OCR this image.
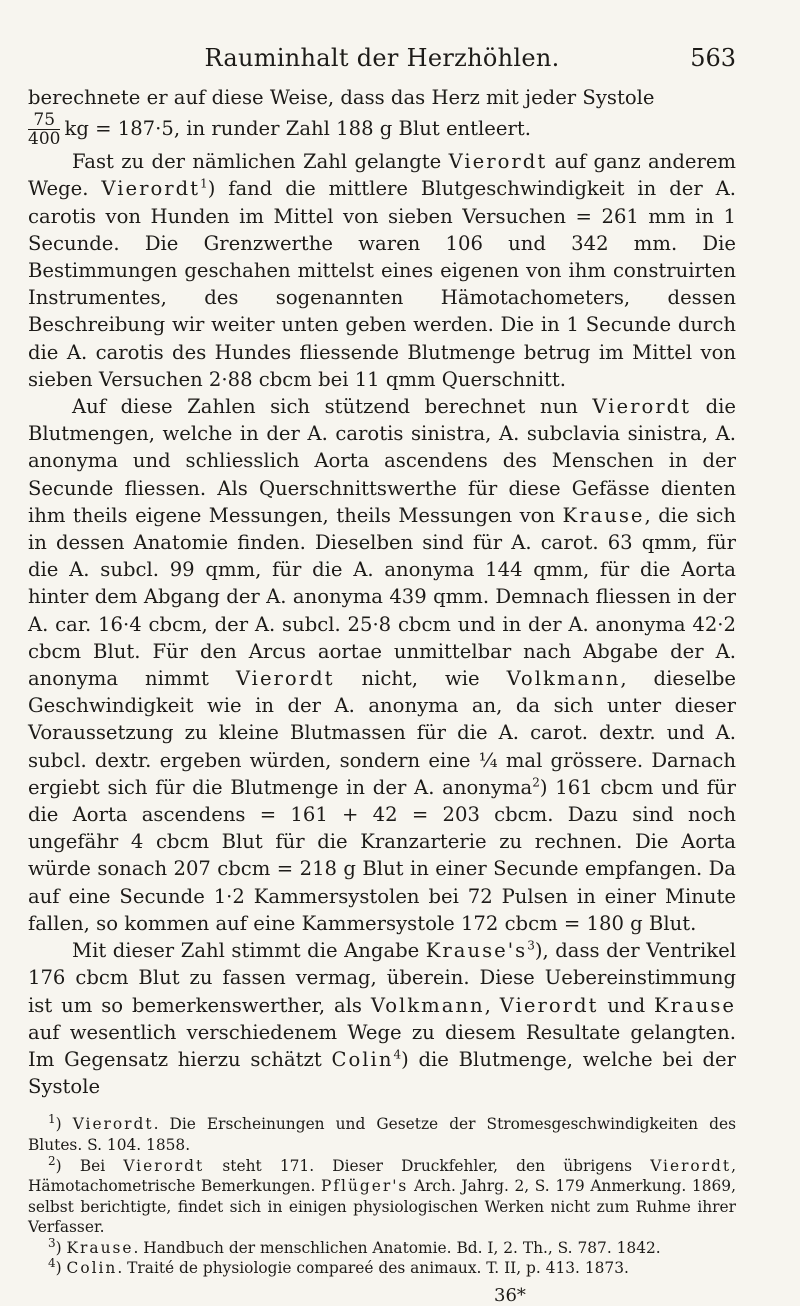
Rauminhalt der Herzhöhlen.	563

berechnete er auf diese Weise, dass das Herz mit jeder Systole

$\frac{75}{400}$ kg = 187·5, in runder Zahl 188 g Blut entleert.

Fast zu der nämlichen Zahl gelangte Vierordt auf ganz anderem Wege. Vierordt$^1$) fand die mittlere Blutgeschwindigkeit in der A. carotis von Hunden im Mittel von sieben Versuchen = 261 mm in 1 Secunde. Die Grenzwerthe waren 106 und 342 mm. Die Bestimmungen geschahen mittelst eines eigenen von ihm construirten Instrumentes, des sogenannten Hämotachometers, dessen Beschreibung wir weiter unten geben werden. Die in 1 Secunde durch die A. carotis des Hundes fliessende Blutmenge betrug im Mittel von sieben Versuchen 2·88 cbcm bei 11 qmm Querschnitt.

Auf diese Zahlen sich stützend berechnet nun Vierordt die Blutmengen, welche in der A. carotis sinistra, A. subclavia sinistra, A. anonyma und schliesslich Aorta ascendens des Menschen in der Secunde fliessen. Als Querschnittswerthe für diese Gefässe dienten ihm theils eigene Messungen, theils Messungen von Krause, die sich in dessen Anatomie finden. Dieselben sind für A. carot. 63 qmm, für die A. subcl. 99 qmm, für die A. anonyma 144 qmm, für die Aorta hinter dem Abgang der A. anonyma 439 qmm. Demnach fliessen in der A. car. 16·4 cbcm, der A. subcl. 25·8 cbcm und in der A. anonyma 42·2 cbcm Blut. Für den Arcus aortae unmittelbar nach Abgabe der A. anonyma nimmt Vierordt nicht, wie Volkmann, dieselbe Geschwindigkeit wie in der A. anonyma an, da sich unter dieser Voraussetzung zu kleine Blutmassen für die A. carot. dextr. und A. subcl. dextr. ergeben würden, sondern eine ¼ mal grössere. Darnach ergiebt sich für die Blutmenge in der A. anonyma$^2$) 161 cbcm und für die Aorta ascendens = 161 + 42 = 203 cbcm. Dazu sind noch ungefähr 4 cbcm Blut für die Kranzarterie zu rechnen. Die Aorta würde sonach 207 cbcm = 218 g Blut in einer Secunde empfangen. Da auf eine Secunde 1·2 Kammersystolen bei 72 Pulsen in einer Minute fallen, so kommen auf eine Kammersystole 172 cbcm = 180 g Blut.

Mit dieser Zahl stimmt die Angabe $Krause's^3$), dass der Ventrikel 176 cbcm Blut zu fassen vermag, überein. Diese Uebereinstimmung ist um so bemerkenswerther, als Volkmann, Vierordt und Krause auf wesentlich verschiedenem Wege zu diesem Resultate gelangten. Im Gegensatz hierzu schätzt Colin$^4$) die Blutmenge, welche bei der Systole

$^1$) Vierordt. Die Erscheinungen und Gesetze der Stromesgeschwindigkeiten des Blutes. S. 104. 1858.

$^2$) Bei Vierordt steht 171. Dieser Druckfehler, den übrigens Vierordt, Hämotachometrische Bemerkungen. Pflüger's Arch. Jahrg. 2, S. 179 Anmerkung. 1869, selbst berichtigte, findet sich in einigen physiologischen Werken nicht zum Ruhme ihrer Verfasser.

$^3$) Krause. Handbuch der menschlichen Anatomie. Bd. I, 2. Th., S. 787. 1842.

$^4$) Colin. Traité de physiologie compareé des animaux. T. II, p. 413. 1873.

36*
